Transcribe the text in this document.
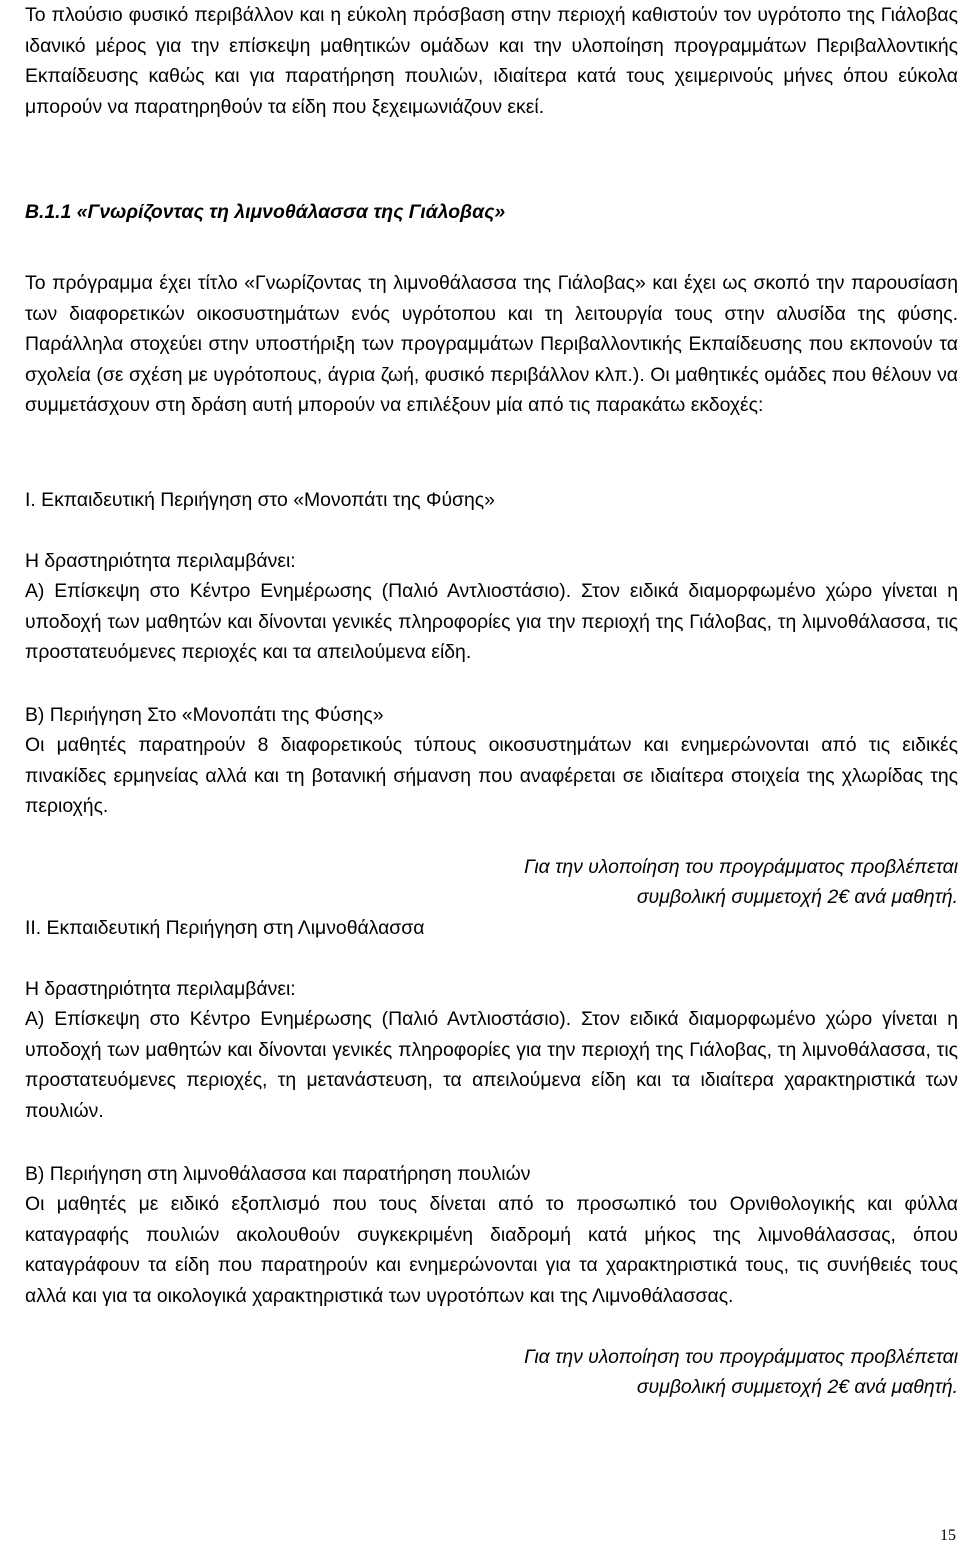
Το πλούσιο φυσικό περιβάλλον και η εύκολη πρόσβαση στην περιοχή καθιστούν τον υγρότοπο της Γιάλοβας ιδανικό μέρος για την επίσκεψη μαθητικών ομάδων και την υλοποίηση προγραμμάτων Περιβαλλοντικής Εκπαίδευσης καθώς και για παρατήρηση πουλιών, ιδιαίτερα κατά τους χειμερινούς μήνες όπου εύκολα μπορούν να παρατηρηθούν τα είδη που ξεχειμωνιάζουν εκεί.
Β.1.1 «Γνωρίζοντας τη λιμνοθάλασσα της Γιάλοβας»
Το πρόγραμμα έχει τίτλο «Γνωρίζοντας τη λιμνοθάλασσα της Γιάλοβας» και έχει ως σκοπό την παρουσίαση των διαφορετικών οικοσυστημάτων ενός υγρότοπου και τη λειτουργία τους στην αλυσίδα της φύσης. Παράλληλα στοχεύει στην υποστήριξη των προγραμμάτων Περιβαλλοντικής Εκπαίδευσης που εκπονούν τα σχολεία (σε σχέση με υγρότοπους, άγρια ζωή, φυσικό περιβάλλον κλπ.). Οι μαθητικές ομάδες που θέλουν να συμμετάσχουν στη δράση αυτή μπορούν να επιλέξουν μία από τις παρακάτω εκδοχές:
Ι. Εκπαιδευτική Περιήγηση στο «Μονοπάτι της Φύσης»
Η δραστηριότητα περιλαμβάνει:
Α) Επίσκεψη στο Κέντρο Ενημέρωσης (Παλιό Αντλιοστάσιο). Στον ειδικά διαμορφωμένο χώρο γίνεται η υποδοχή των μαθητών και δίνονται γενικές πληροφορίες για την περιοχή της Γιάλοβας, τη λιμνοθάλασσα, τις προστατευόμενες περιοχές και τα απειλούμενα είδη.
Β) Περιήγηση Στο «Μονοπάτι της Φύσης»
Οι μαθητές παρατηρούν 8 διαφορετικούς τύπους οικοσυστημάτων και ενημερώνονται από τις ειδικές πινακίδες ερμηνείας αλλά και τη βοτανική σήμανση που αναφέρεται σε ιδιαίτερα στοιχεία της χλωρίδας της περιοχής.
Για την υλοποίηση του προγράμματος προβλέπεται
συμβολική συμμετοχή 2€ ανά μαθητή.
ΙΙ. Εκπαιδευτική Περιήγηση στη Λιμνοθάλασσα
Η δραστηριότητα περιλαμβάνει:
Α) Επίσκεψη στο Κέντρο Ενημέρωσης (Παλιό Αντλιοστάσιο). Στον ειδικά διαμορφωμένο χώρο γίνεται η υποδοχή των μαθητών και δίνονται γενικές πληροφορίες για την περιοχή της Γιάλοβας, τη λιμνοθάλασσα, τις προστατευόμενες περιοχές, τη μετανάστευση, τα απειλούμενα είδη και τα ιδιαίτερα χαρακτηριστικά των πουλιών.
Β) Περιήγηση στη λιμνοθάλασσα και παρατήρηση πουλιών
Οι μαθητές με ειδικό εξοπλισμό που τους δίνεται από το προσωπικό του Ορνιθολογικής και φύλλα καταγραφής πουλιών ακολουθούν συγκεκριμένη διαδρομή κατά μήκος της λιμνοθάλασσας, όπου καταγράφουν τα είδη που παρατηρούν και ενημερώνονται για τα χαρακτηριστικά τους, τις συνήθειές τους αλλά και για τα οικολογικά χαρακτηριστικά των υγροτόπων και της Λιμνοθάλασσας.
Για την υλοποίηση του προγράμματος προβλέπεται
συμβολική συμμετοχή 2€ ανά μαθητή.
15
